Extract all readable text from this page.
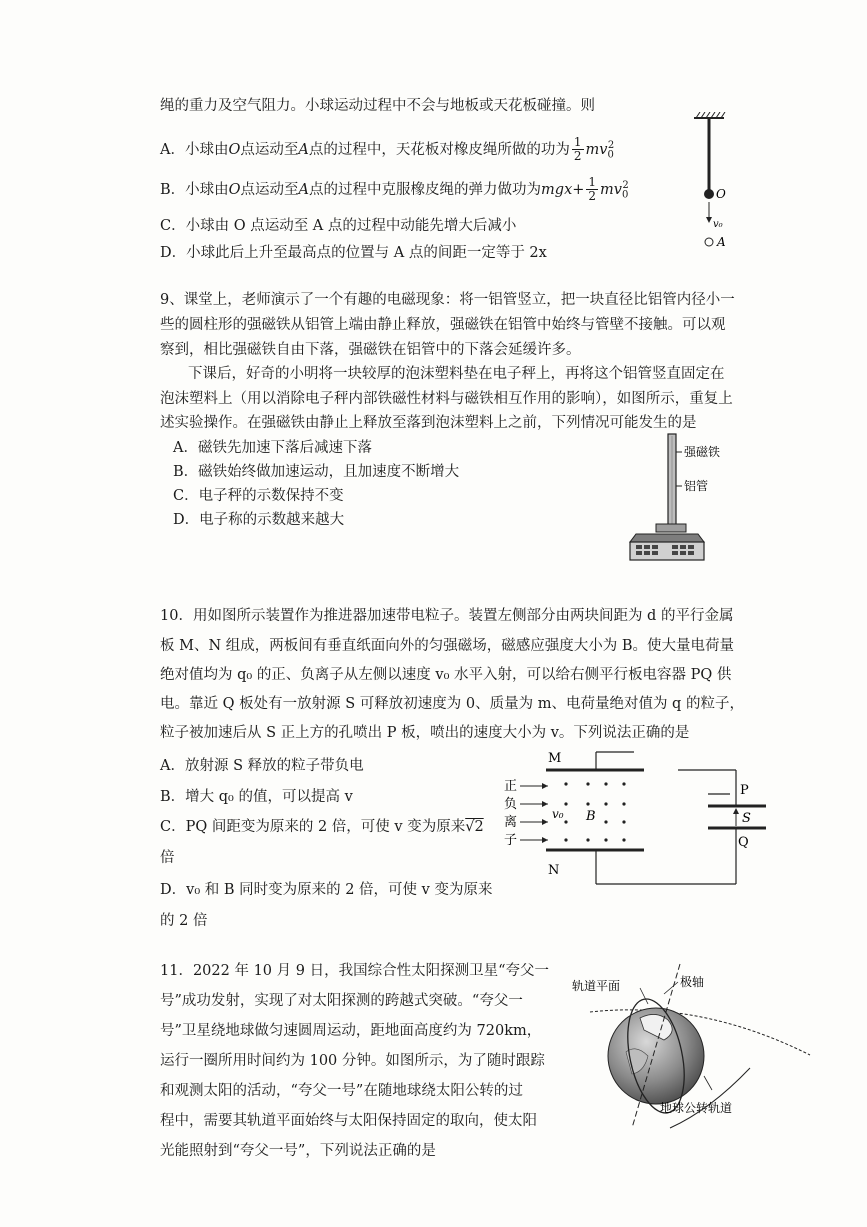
绳的重力及空气阻力。小球运动过程中不会与地板或天花板碰撞。则
A．小球由O点运动至A点的过程中，天花板对橡皮绳所做的功为 $\frac{1}{2} mv_0^2$
B．小球由O点运动至A点的过程中克服橡皮绳的弹力做功为$mgx+ \frac{1}{2} mv_0^2$
C．小球由 O 点运动至 A 点的过程中动能先增大后减小
D．小球此后上升至最高点的位置与 A 点的间距一定等于 2x
O
v₀
A
9、课堂上，老师演示了一个有趣的电磁现象：将一铝管竖立，把一块直径比铝管内径小一
些的圆柱形的强磁铁从铝管上端由静止释放，强磁铁在铝管中始终与管壁不接触。可以观
察到，相比强磁铁自由下落，强磁铁在铝管中的下落会延缓许多。
下课后，好奇的小明将一块较厚的泡沫塑料垫在电子秤上，再将这个铝管竖直固定在
泡沫塑料上（用以消除电子秤内部铁磁性材料与磁铁相互作用的影响），如图所示，重复上
述实验操作。在强磁铁由静止上释放至落到泡沫塑料上之前，下列情况可能发生的是
A．磁铁先加速下落后减速下落
B．磁铁始终做加速运动，且加速度不断增大
C．电子秤的示数保持不变
D．电子称的示数越来越大
强磁铁
铝管
10．用如图所示装置作为推进器加速带电粒子。装置左侧部分由两块间距为 d 的平行金属
板 M、N 组成，两板间有垂直纸面向外的匀强磁场，磁感应强度大小为 B。使大量电荷量
绝对值均为 q₀ 的正、负离子从左侧以速度 v₀ 水平入射，可以给右侧平行板电容器 PQ 供
电。靠近 Q 板处有一放射源 S 可释放初速度为 0、质量为 m、电荷量绝对值为 q 的粒子，
粒子被加速后从 S 正上方的孔喷出 P 板，喷出的速度大小为 v。下列说法正确的是
A．放射源 S 释放的粒子带负电
B．增大 q₀ 的值，可以提高 v
C．PQ 间距变为原来的 2 倍，可使 v 变为原来√2
倍
D．v₀ 和 B 同时变为原来的 2 倍，可使 v 变为原来
的 2 倍
M
N
P
Q
S
B
v₀
正
负
离
子
11．2022 年 10 月 9 日，我国综合性太阳探测卫星“夸父一
号”成功发射，实现了对太阳探测的跨越式突破。“夸父一
号”卫星绕地球做匀速圆周运动，距地面高度约为 720km，
运行一圈所用时间约为 100 分钟。如图所示，为了随时跟踪
和观测太阳的活动，“夸父一号”在随地球绕太阳公转的过
程中，需要其轨道平面始终与太阳保持固定的取向，使太阳
光能照射到“夸父一号”，下列说法正确的是
轨道平面	极轴
地球公转轨道
